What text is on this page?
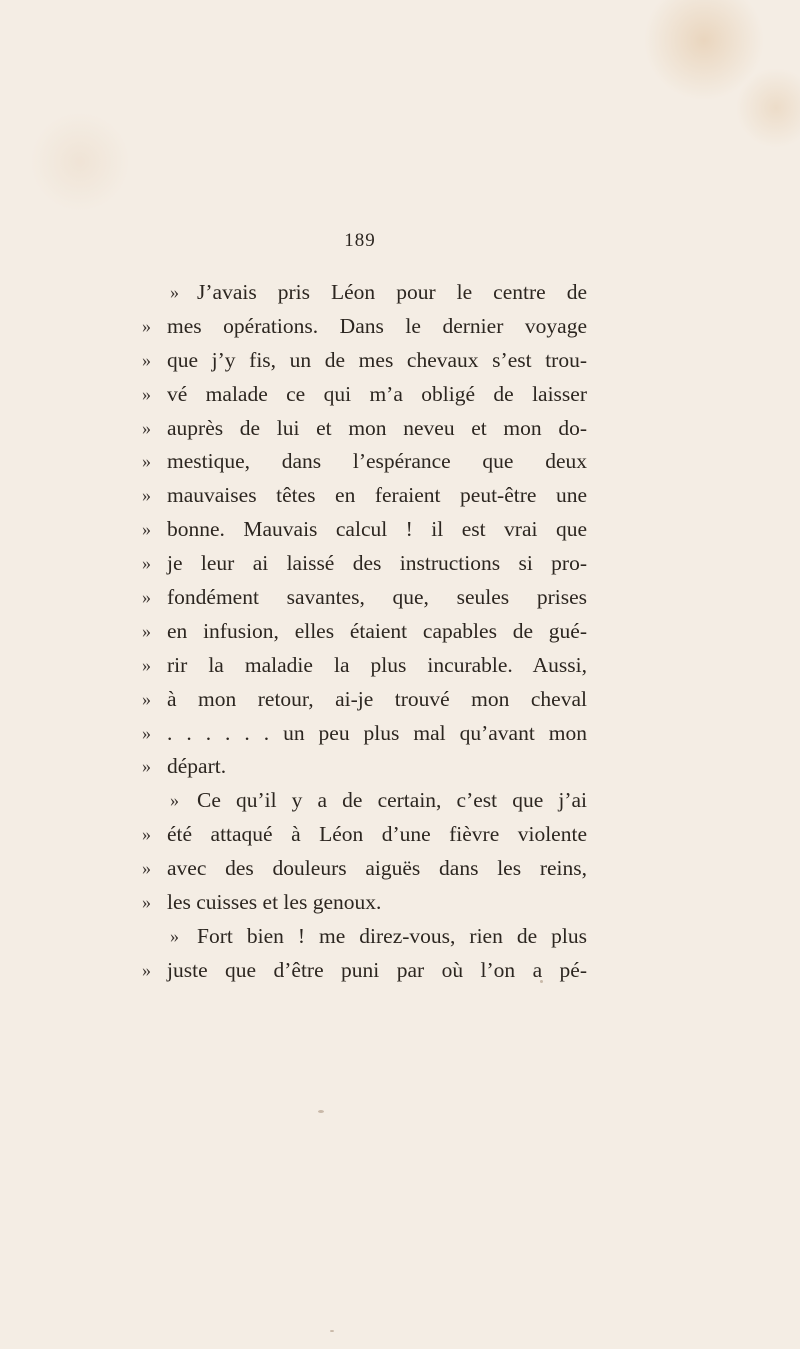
189
» J’avais pris Léon pour le centre de
» mes opérations. Dans le dernier voyage
» que j’y fis, un de mes chevaux s’est trou-
» vé malade ce qui m’a obligé de laisser
» auprès de lui et mon neveu et mon do-
» mestique, dans l’espérance que deux
» mauvaises têtes en feraient peut-être une
» bonne. Mauvais calcul ! il est vrai que
» je leur ai laissé des instructions si pro-
» fondément savantes, que, seules prises
» en infusion, elles étaient capables de gué-
» rir la maladie la plus incurable. Aussi,
» à mon retour, ai-je trouvé mon cheval
» . . . . . . un peu plus mal qu’avant mon
» départ.
» Ce qu’il y a de certain, c’est que j’ai
» été attaqué à Léon d’une fièvre violente
» avec des douleurs aiguës dans les reins,
» les cuisses et les genoux.
» Fort bien ! me direz-vous, rien de plus
» juste que d’être puni par où l’on a pé-
